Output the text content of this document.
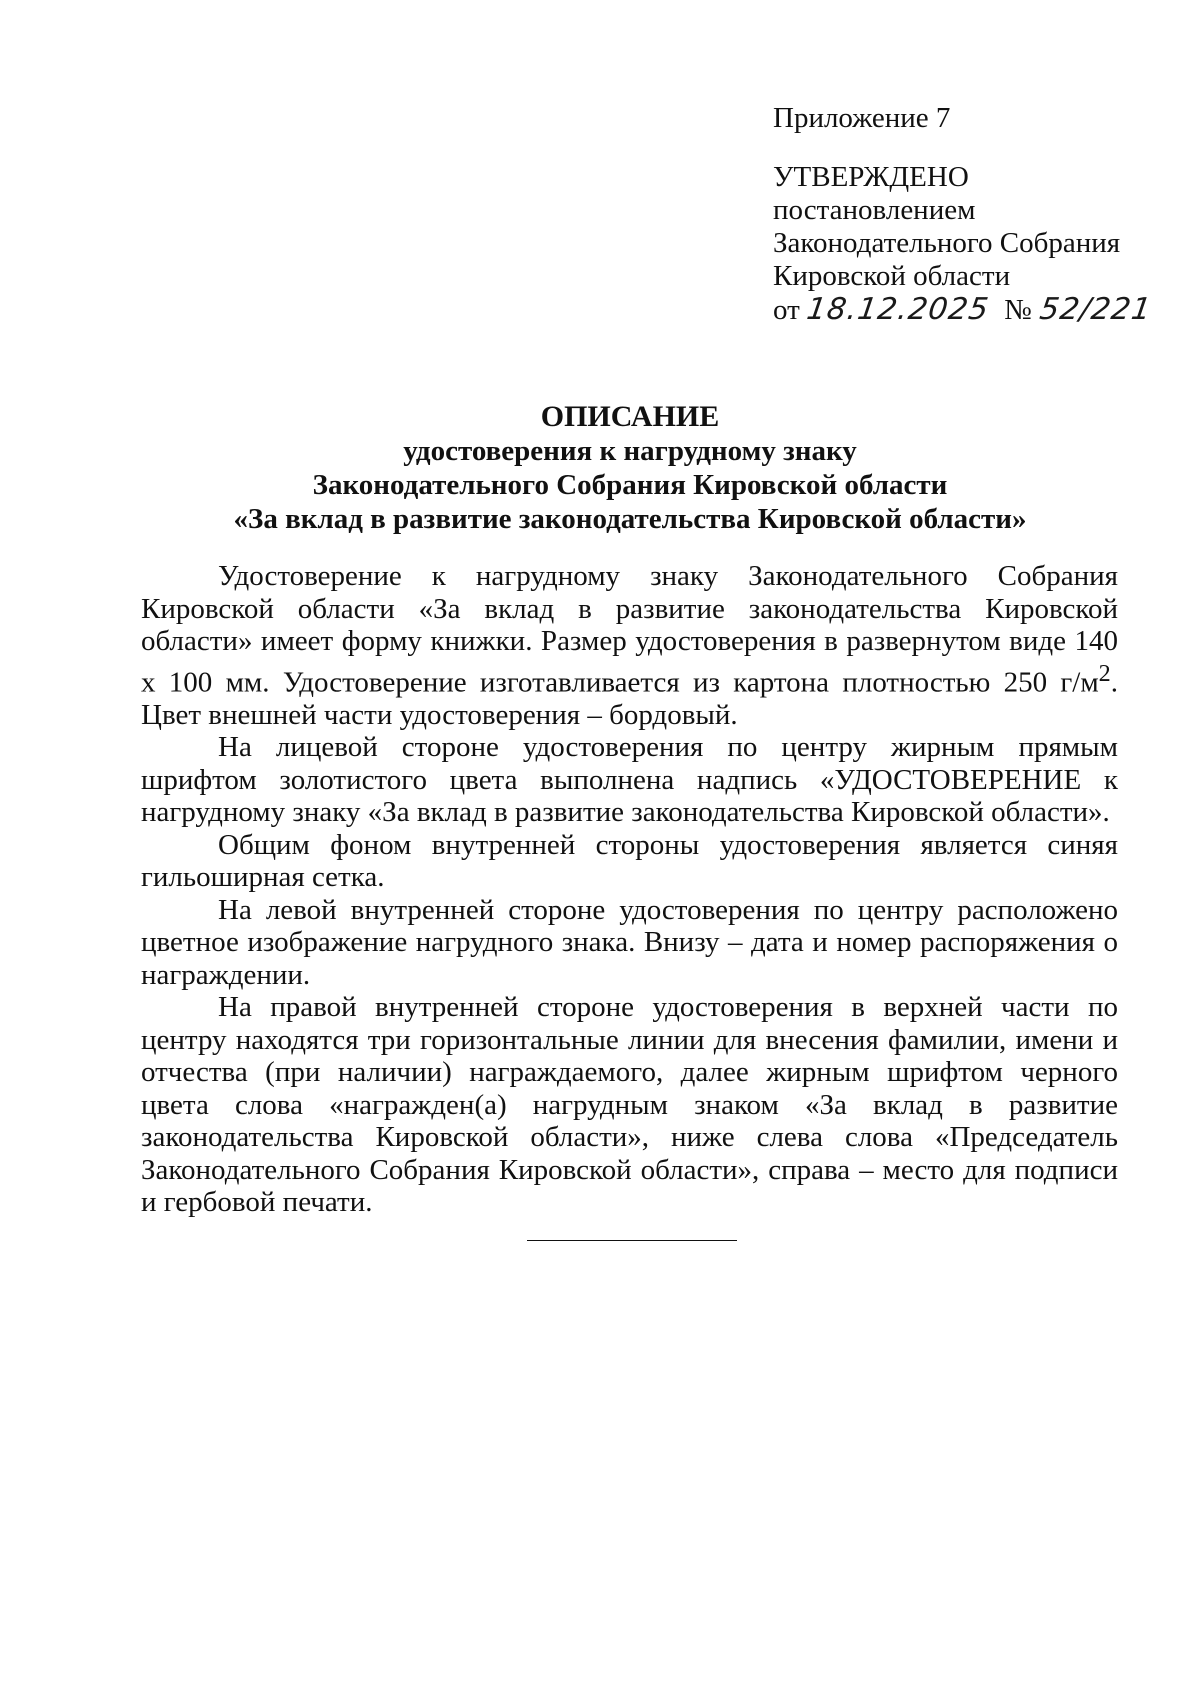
Приложение 7
УТВЕРЖДЕНО
постановлением
Законодательного Собрания
Кировской области
от 18.12.2025 № 52/221
ОПИСАНИЕ
удостоверения к нагрудному знаку
Законодательного Собрания Кировской области
«За вклад в развитие законодательства Кировской области»

Удостоверение к нагрудному знаку Законодательного Собрания Кировской области «За вклад в развитие законодательства Кировской области» имеет форму книжки. Размер удостоверения в развернутом виде 140 х 100 мм. Удостоверение изготавливается из картона плотностью 250 $г/м^2$. Цвет внешней части удостоверения – бордовый.

На лицевой стороне удостоверения по центру жирным прямым шрифтом золотистого цвета выполнена надпись «УДОСТОВЕРЕНИЕ к нагрудному знаку «За вклад в развитие законодательства Кировской области».

Общим фоном внутренней стороны удостоверения является синяя гильоширная сетка.

На левой внутренней стороне удостоверения по центру расположено цветное изображение нагрудного знака. Внизу – дата и номер распоряжения о награждении.

На правой внутренней стороне удостоверения в верхней части по центру находятся три горизонтальные линии для внесения фамилии, имени и отчества (при наличии) награждаемого, далее жирным шрифтом черного цвета слова «награжден(а) нагрудным знаком «За вклад в развитие законодательства Кировской области», ниже слева слова «Председатель Законодательного Собрания Кировской области», справа – место для подписи и гербовой печати.
